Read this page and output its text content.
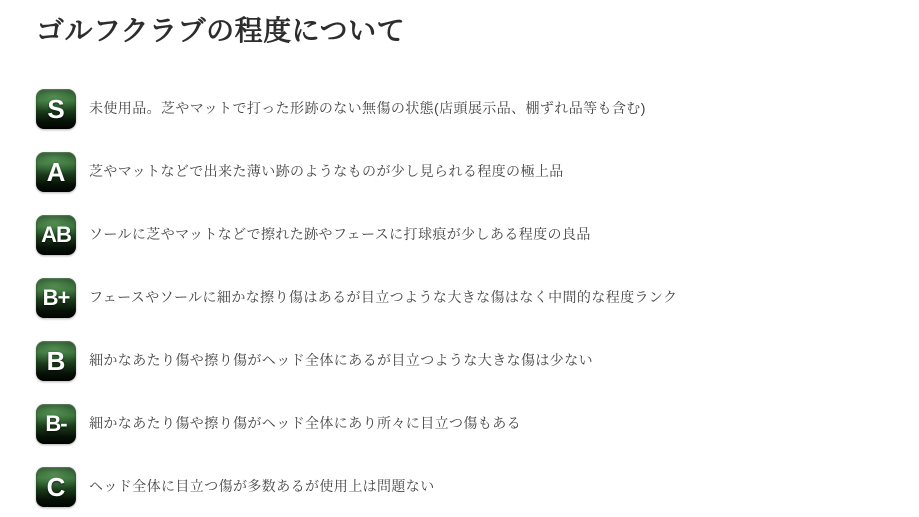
ゴルフクラブの程度について
S 未使用品。芝やマットで打った形跡のない無傷の状態(店頭展示品、棚ずれ品等も含む)
A 芝やマットなどで出来た薄い跡のようなものが少し見られる程度の極上品
AB ソールに芝やマットなどで擦れた跡やフェースに打球痕が少しある程度の良品
B+ フェースやソールに細かな擦り傷はあるが目立つような大きな傷はなく中間的な程度ランク
B 細かなあたり傷や擦り傷がヘッド全体にあるが目立つような大きな傷は少ない
B- 細かなあたり傷や擦り傷がヘッド全体にあり所々に目立つ傷もある
C ヘッド全体に目立つ傷が多数あるが使用上は問題ない
